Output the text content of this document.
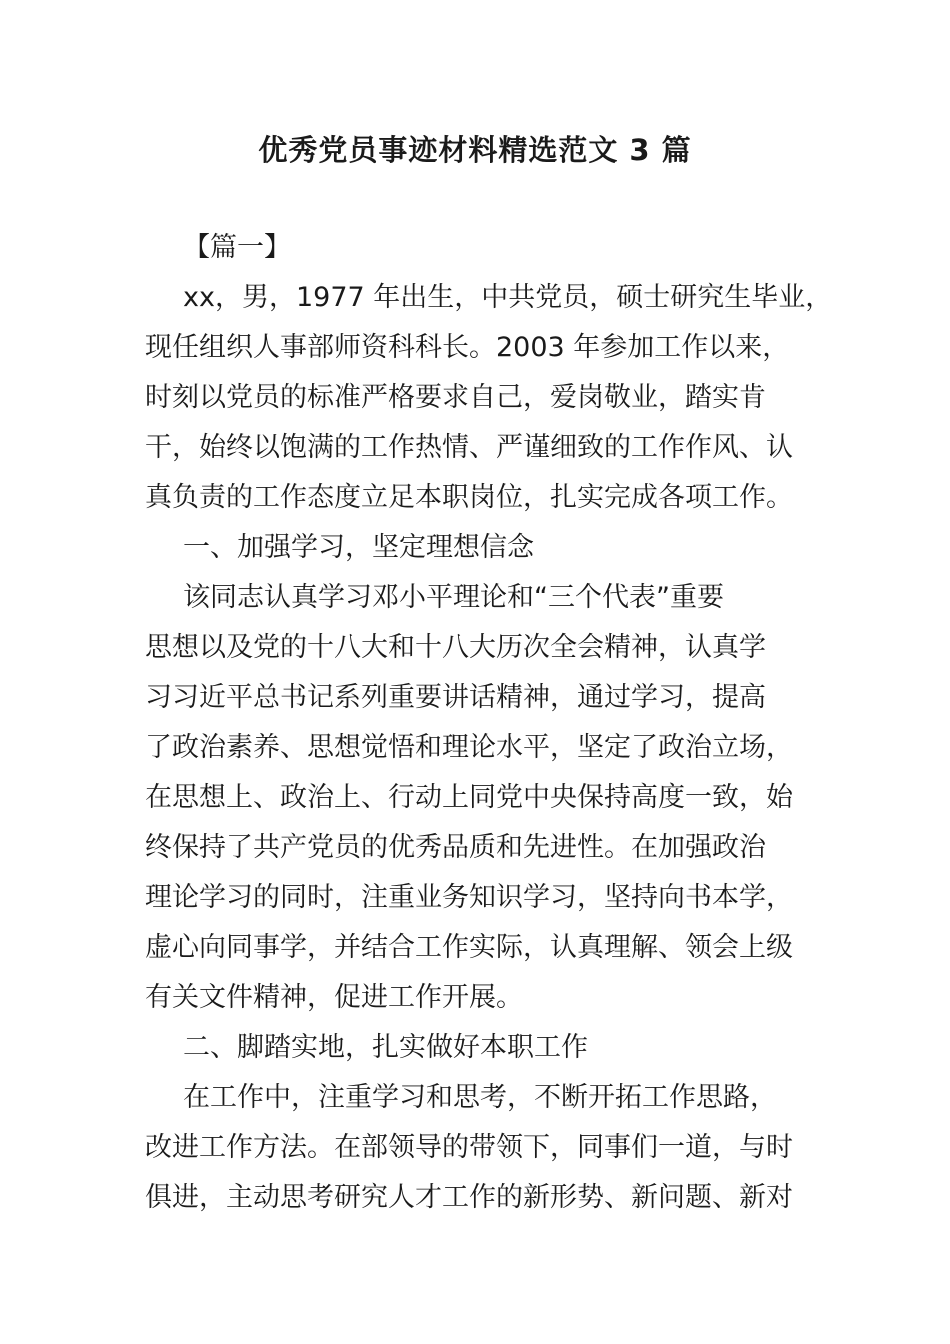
优秀党员事迹材料精选范文 3 篇

【篇一】

xx，男，1977 年出生，中共党员，硕士研究生毕业，

现任组织人事部师资科科长。2003 年参加工作以来，

时刻以党员的标准严格要求自己，爱岗敬业，踏实肯

干，始终以饱满的工作热情、严谨细致的工作作风、认

真负责的工作态度立足本职岗位，扎实完成各项工作。

一、加强学习，坚定理想信念

该同志认真学习邓小平理论和“三个代表”重要

思想以及党的十八大和十八大历次全会精神，认真学

习习近平总书记系列重要讲话精神，通过学习，提高

了政治素养、思想觉悟和理论水平，坚定了政治立场，

在思想上、政治上、行动上同党中央保持高度一致，始

终保持了共产党员的优秀品质和先进性。在加强政治

理论学习的同时，注重业务知识学习，坚持向书本学，

虚心向同事学，并结合工作实际，认真理解、领会上级

有关文件精神，促进工作开展。

二、脚踏实地，扎实做好本职工作

在工作中，注重学习和思考，不断开拓工作思路，

改进工作方法。在部领导的带领下，同事们一道，与时

俱进，主动思考研究人才工作的新形势、新问题、新对
